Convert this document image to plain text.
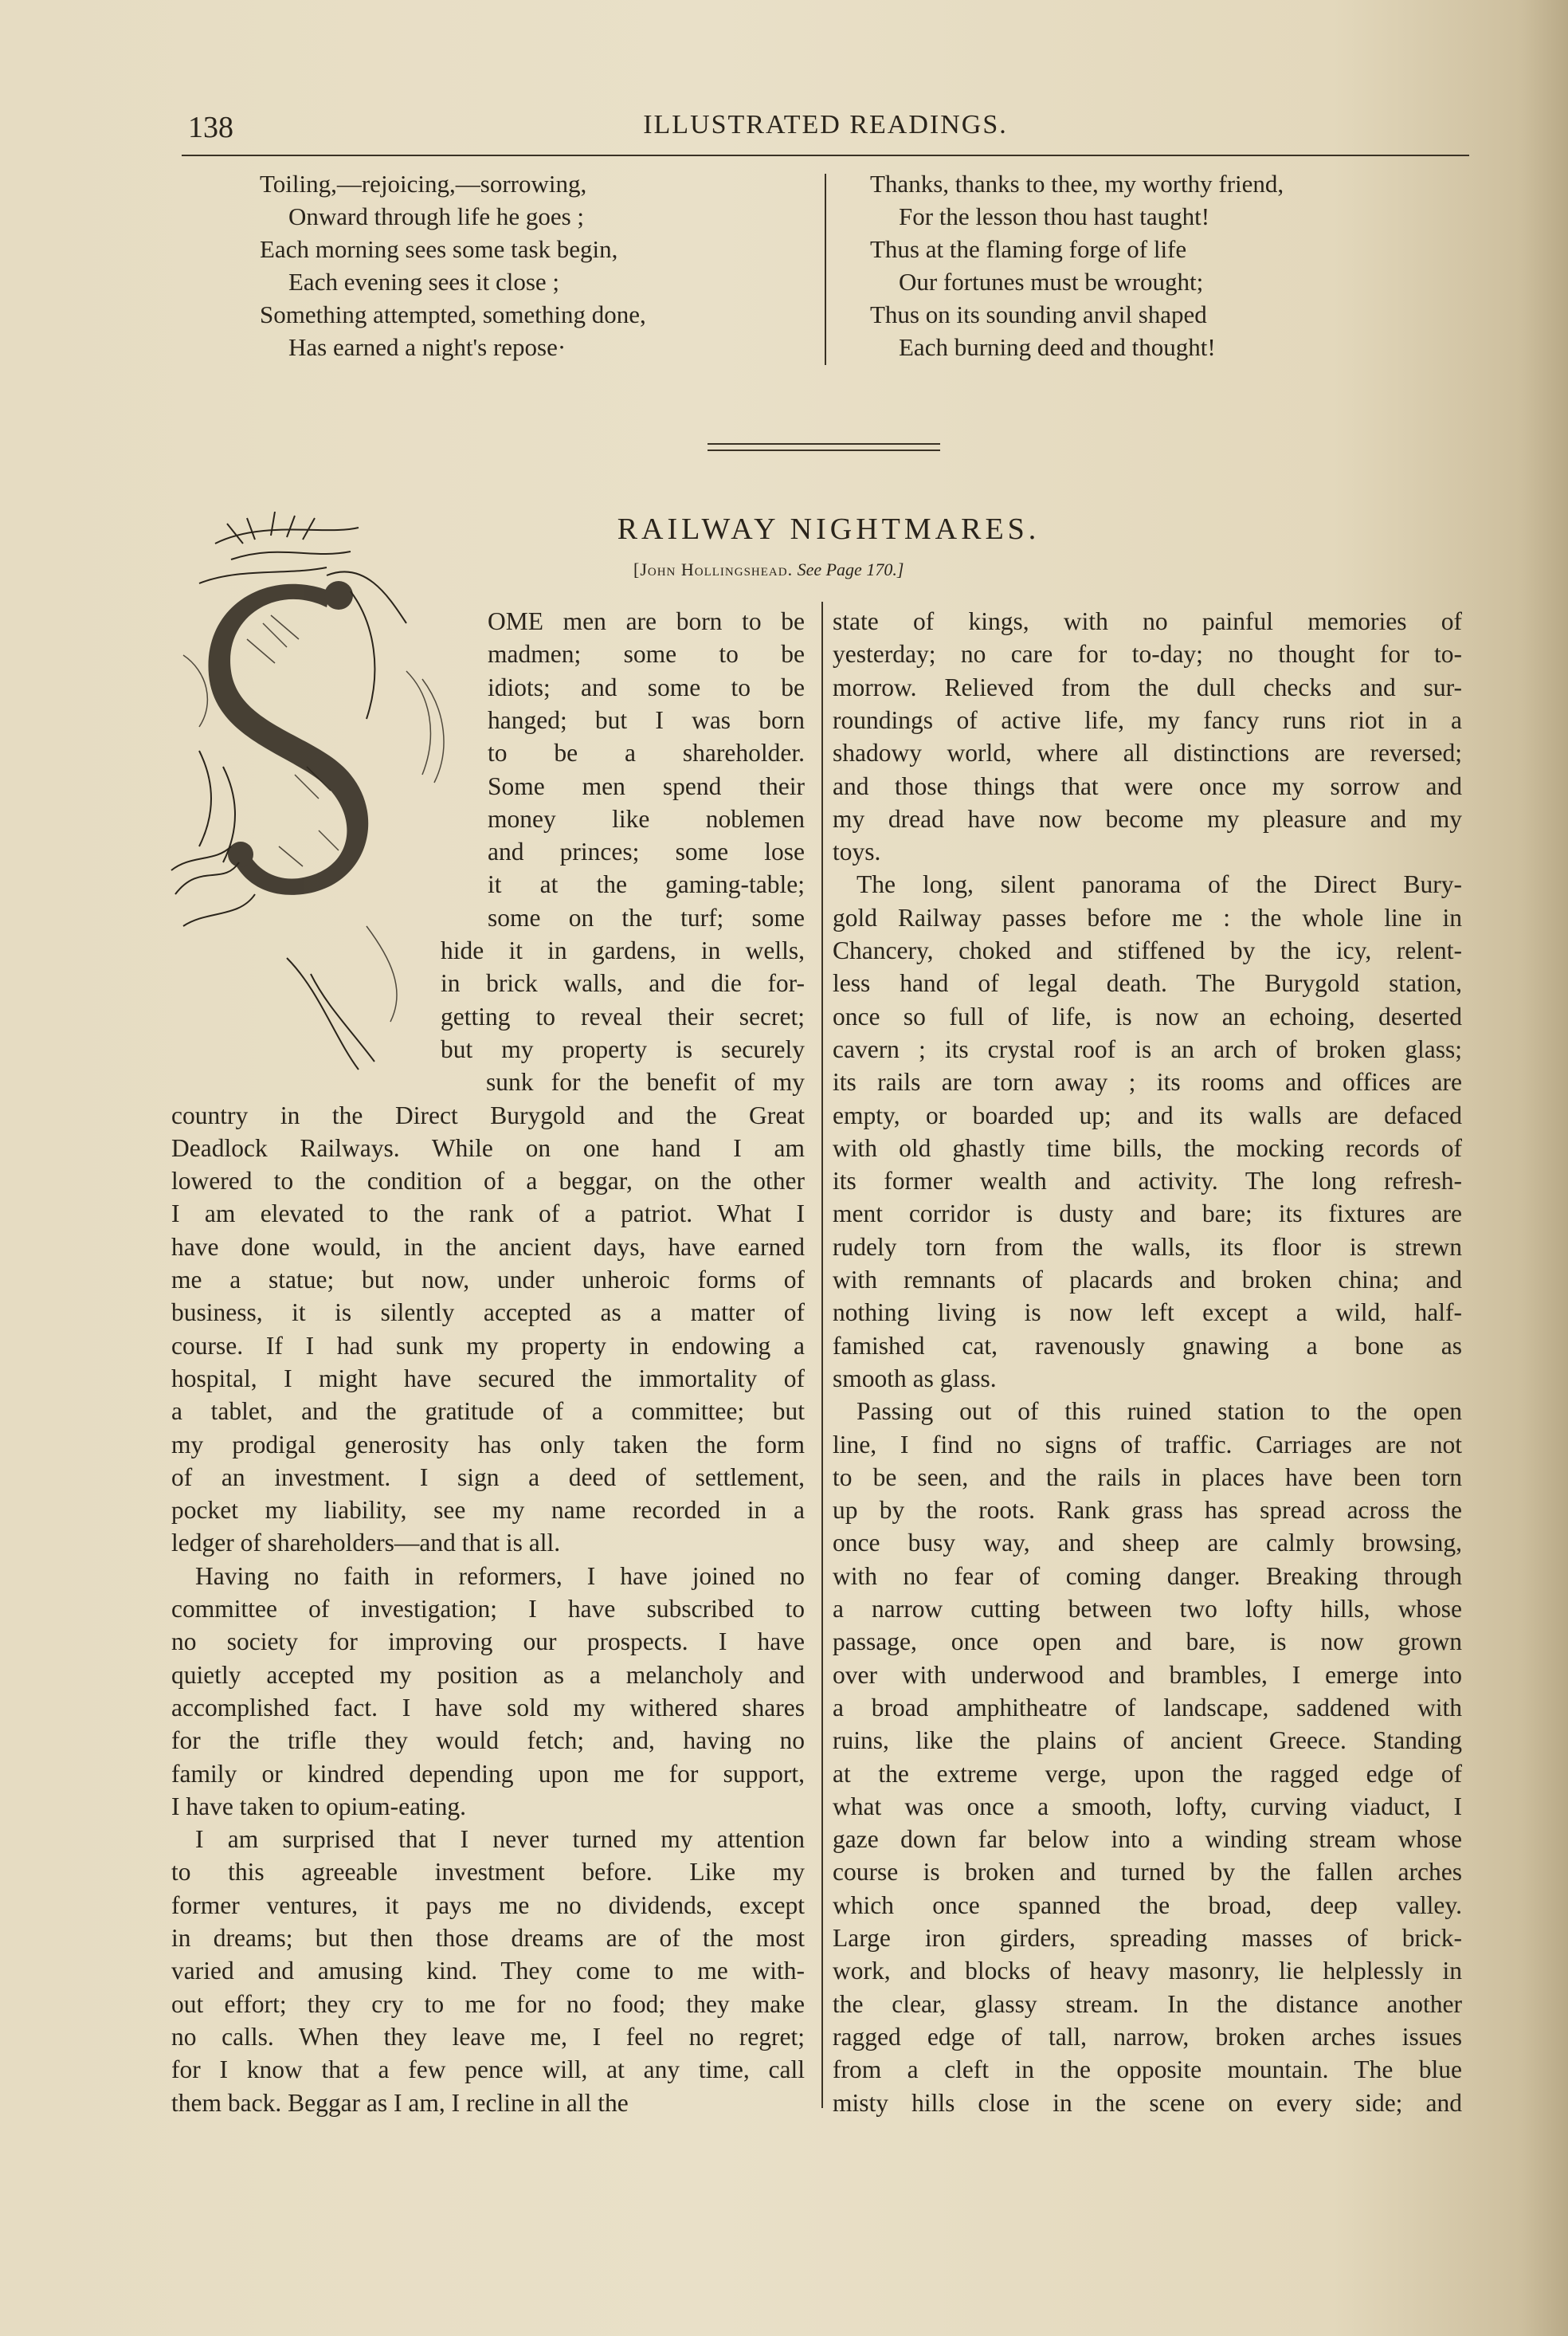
138	ILLUSTRATED READINGS.
Toiling,—rejoicing,—sorrowing,
Onward through life he goes ;
Each morning sees some task begin,
Each evening sees it close ;
Something attempted, something done,
Has earned a night's repose·
Thanks, thanks to thee, my worthy friend,
For the lesson thou hast taught!
Thus at the flaming forge of life
Our fortunes must be wrought;
Thus on its sounding anvil shaped
Each burning deed and thought!
RAILWAY NIGHTMARES.
[John Hollingshead. See Page 170.]
OME men are born to be
madmen; some to be
idiots; and some to be
hanged; but I was born
to be a shareholder.
Some men spend their
money like noblemen
and princes; some lose
it at the gaming-table;
some on the turf; some
hide it in gardens, in wells,
in brick walls, and die for-
getting to reveal their secret;
but my property is securely
sunk for the benefit of my
country in the Direct Burygold and the Great
Deadlock Railways. While on one hand I am
lowered to the condition of a beggar, on the other
I am elevated to the rank of a patriot. What I
have done would, in the ancient days, have earned
me a statue; but now, under unheroic forms of
business, it is silently accepted as a matter of
course. If I had sunk my property in endowing a
hospital, I might have secured the immortality of
a tablet, and the gratitude of a committee; but
my prodigal generosity has only taken the form
of an investment. I sign a deed of settlement,
pocket my liability, see my name recorded in a
ledger of shareholders—and that is all.
Having no faith in reformers, I have joined no
committee of investigation; I have subscribed to
no society for improving our prospects. I have
quietly accepted my position as a melancholy and
accomplished fact. I have sold my withered shares
for the trifle they would fetch; and, having no
family or kindred depending upon me for support,
I have taken to opium-eating.
I am surprised that I never turned my attention
to this agreeable investment before. Like my
former ventures, it pays me no dividends, except
in dreams; but then those dreams are of the most
varied and amusing kind. They come to me with-
out effort; they cry to me for no food; they make
no calls. When they leave me, I feel no regret;
for I know that a few pence will, at any time, call
them back. Beggar as I am, I recline in all the
state of kings, with no painful memories of
yesterday; no care for to-day; no thought for to-
morrow. Relieved from the dull checks and sur-
roundings of active life, my fancy runs riot in a
shadowy world, where all distinctions are reversed;
and those things that were once my sorrow and
my dread have now become my pleasure and my
toys.
The long, silent panorama of the Direct Bury-
gold Railway passes before me : the whole line in
Chancery, choked and stiffened by the icy, relent-
less hand of legal death. The Burygold station,
once so full of life, is now an echoing, deserted
cavern ; its crystal roof is an arch of broken glass;
its rails are torn away ; its rooms and offices are
empty, or boarded up; and its walls are defaced
with old ghastly time bills, the mocking records of
its former wealth and activity. The long refresh-
ment corridor is dusty and bare; its fixtures are
rudely torn from the walls, its floor is strewn
with remnants of placards and broken china; and
nothing living is now left except a wild, half-
famished cat, ravenously gnawing a bone as
smooth as glass.
Passing out of this ruined station to the open
line, I find no signs of traffic. Carriages are not
to be seen, and the rails in places have been torn
up by the roots. Rank grass has spread across the
once busy way, and sheep are calmly browsing,
with no fear of coming danger. Breaking through
a narrow cutting between two lofty hills, whose
passage, once open and bare, is now grown
over with underwood and brambles, I emerge into
a broad amphitheatre of landscape, saddened with
ruins, like the plains of ancient Greece. Standing
at the extreme verge, upon the ragged edge of
what was once a smooth, lofty, curving viaduct, I
gaze down far below into a winding stream whose
course is broken and turned by the fallen arches
which once spanned the broad, deep valley.
Large iron girders, spreading masses of brick-
work, and blocks of heavy masonry, lie helplessly in
the clear, glassy stream. In the distance another
ragged edge of tall, narrow, broken arches issues
from a cleft in the opposite mountain. The blue
misty hills close in the scene on every side; and
